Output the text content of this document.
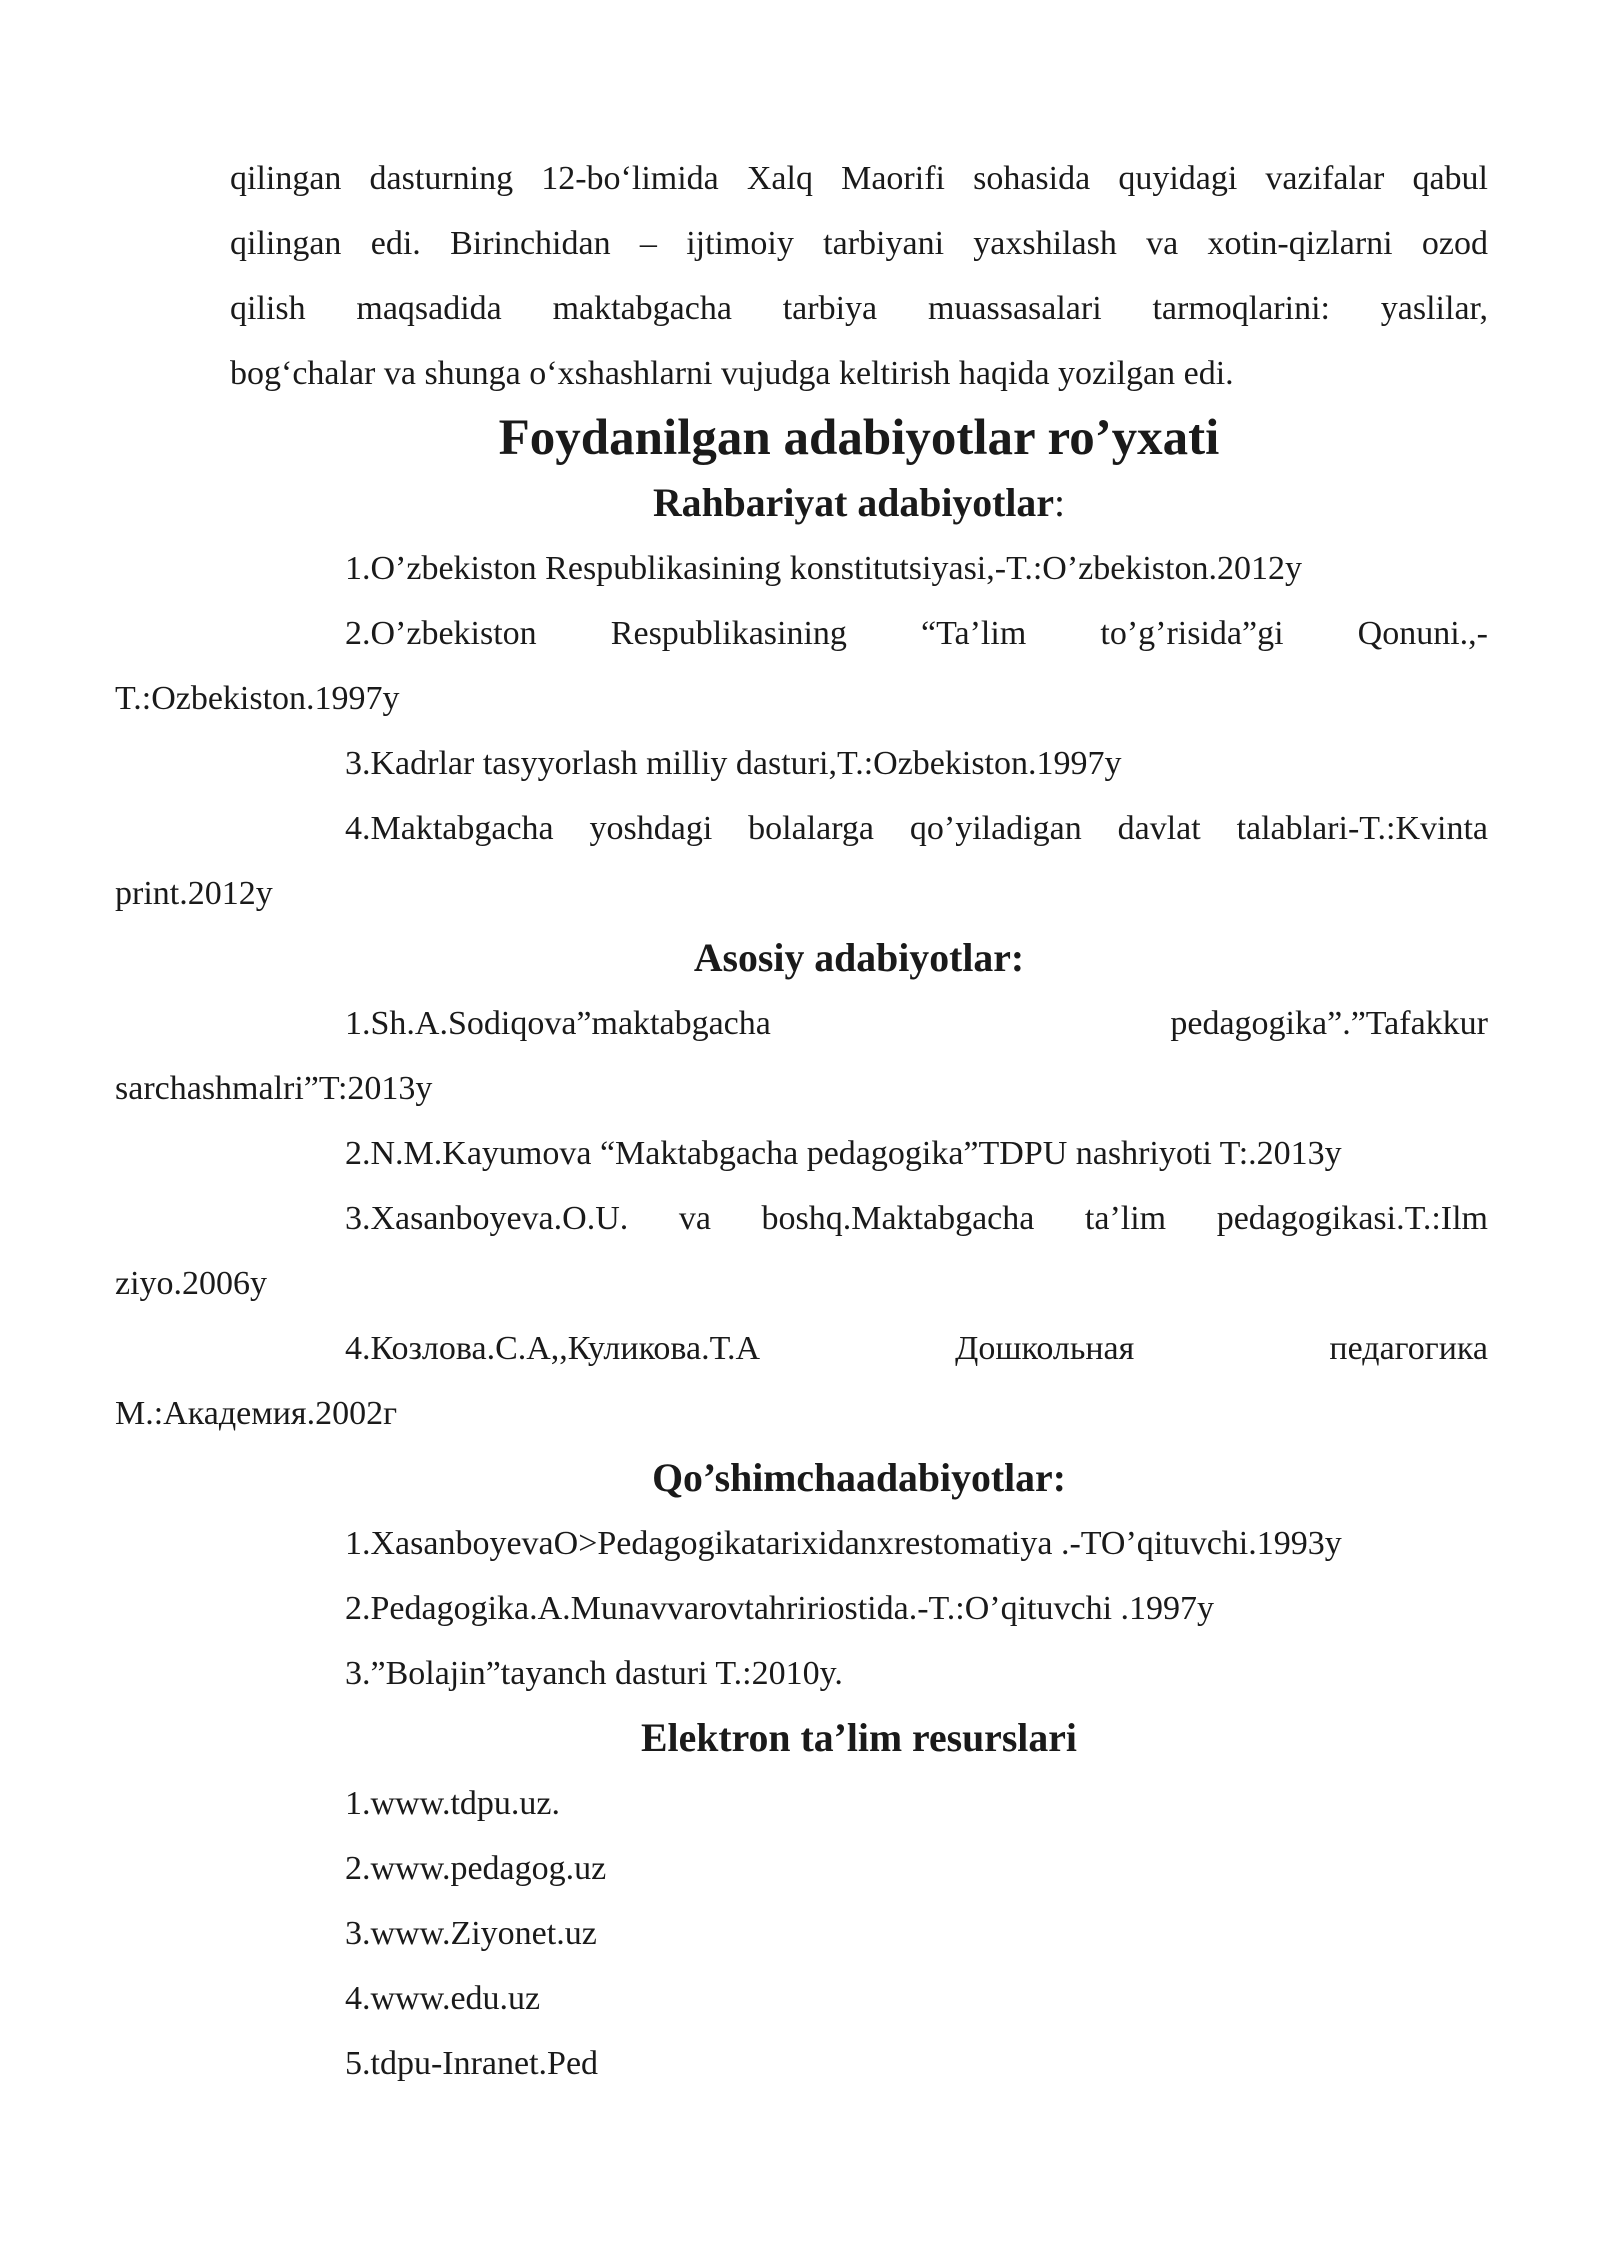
qilingan dasturning 12-bo‘limida Xalq Maorifi sohasida quyidagi vazifalar qabul
qilingan edi. Birinchidan – ijtimoiy tarbiyani yaxshilash va xotin-qizlarni ozod
qilish maqsadida maktabgacha tarbiya muassasalari tarmoqlarini: yaslilar,
bog‘chalar va shunga o‘xshashlarni vujudga keltirish haqida yozilgan edi.

Foydanilgan adabiyotlar ro’yxati
Rahbariyat adabiyotlar:

1.O’zbekiston Respublikasining konstitutsiyasi,-T.:O’zbekiston.2012y

2.O’zbekiston Respublikasining “Ta’lim to’g’risida”gi Qonuni.,-
T.:Ozbekiston.1997y

3.Kadrlar tasyyorlash milliy dasturi,T.:Ozbekiston.1997y

4.Maktabgacha yoshdagi bolalarga qo’yiladigan davlat talablari-T.:Kvinta
print.2012y

Asosiy adabiyotlar:

1.Sh.A.Sodiqova”maktabgacha pedagogika”.”Tafakkur
sarchashmalri”T:2013y

2.N.M.Kayumova “Maktabgacha pedagogika”TDPU nashriyoti T:.2013y

3.Xasanboyeva.O.U. va boshq.Maktabgacha ta’lim pedagogikasi.T.:Ilm
ziyo.2006y

4.Козлова.С.А,,Куликова.Т.А Дошкольная педагогика
М.:Академия.2002г

Qo’shimchaadabiyotlar:

1.XasanboyevaO>Pedagogikatarixidanxrestomatiya .-TO’qituvchi.1993y

2.Pedagogika.A.Munavvarovtahririostida.-T.:O’qituvchi .1997y

3.”Bolajin”tayanch dasturi T.:2010y.

Elektron ta’lim resurslari

1.www.tdpu.uz.

2.www.pedagog.uz

3.www.Ziyonet.uz

4.www.edu.uz

5.tdpu-Inranet.Ped
